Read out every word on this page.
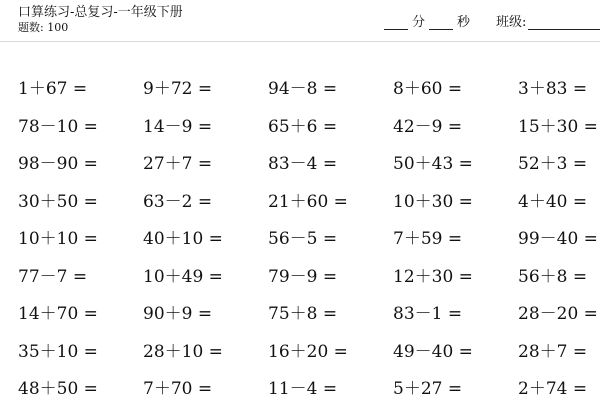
口算练习-总复习-一年级下册
题数: 100	分 秒 班级:
1＋67 =	9＋72 =	94－8 =	8＋60 =	3＋83 =
78－10 =	14－9 =	65＋6 =	42－9 =	15＋30 =
98－90 =	27＋7 =	83－4 =	50＋43 =	52＋3 =
30＋50 =	63－2 =	21＋60 =	10＋30 =	4＋40 =
10＋10 =	40＋10 =	56－5 =	7＋59 =	99－40 =
77－7 =	10＋49 =	79－9 =	12＋30 =	56＋8 =
14＋70 =	90＋9 =	75＋8 =	83－1 =	28－20 =
35＋10 =	28＋10 =	16＋20 =	49－40 =	28＋7 =
48＋50 =	7＋70 =	11－4 =	5＋27 =	2＋74 =
